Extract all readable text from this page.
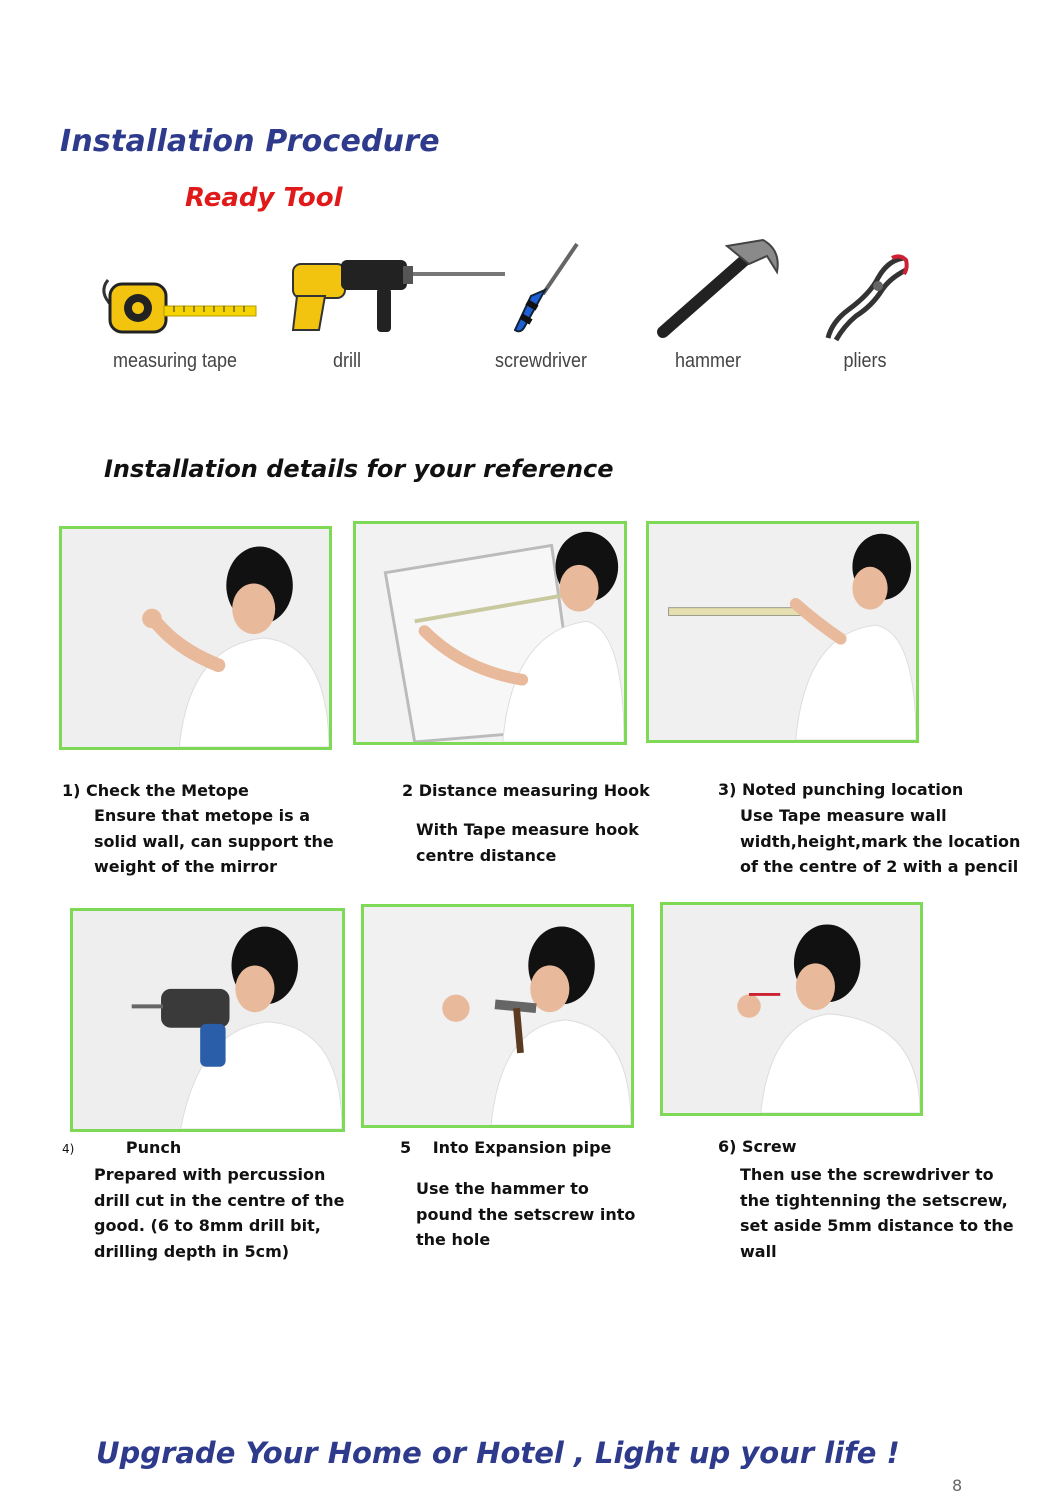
Installation Procedure
Ready Tool
measuring tape	drill	screwdriver	hammer	pliers
Installation details for your reference
1) Check the Metope
Ensure that metope is a
solid wall, can support the
weight of the mirror
2 Distance measuring Hook
With Tape measure hook
centre distance
3) Noted punching location
Use Tape measure wall
width,height,mark the location
of the centre of 2 with a pencil
4)	Punch
Prepared with percussion
drill cut in the centre of the
good. (6 to 8mm drill bit,
drilling depth in 5cm)
5 Into Expansion pipe
Use the hammer to
pound the setscrew into
the hole
6) Screw
Then use the screwdriver to
the tightenning the setscrew,
set aside 5mm distance to the
wall
Upgrade Your Home or Hotel , Light up your life !
8
